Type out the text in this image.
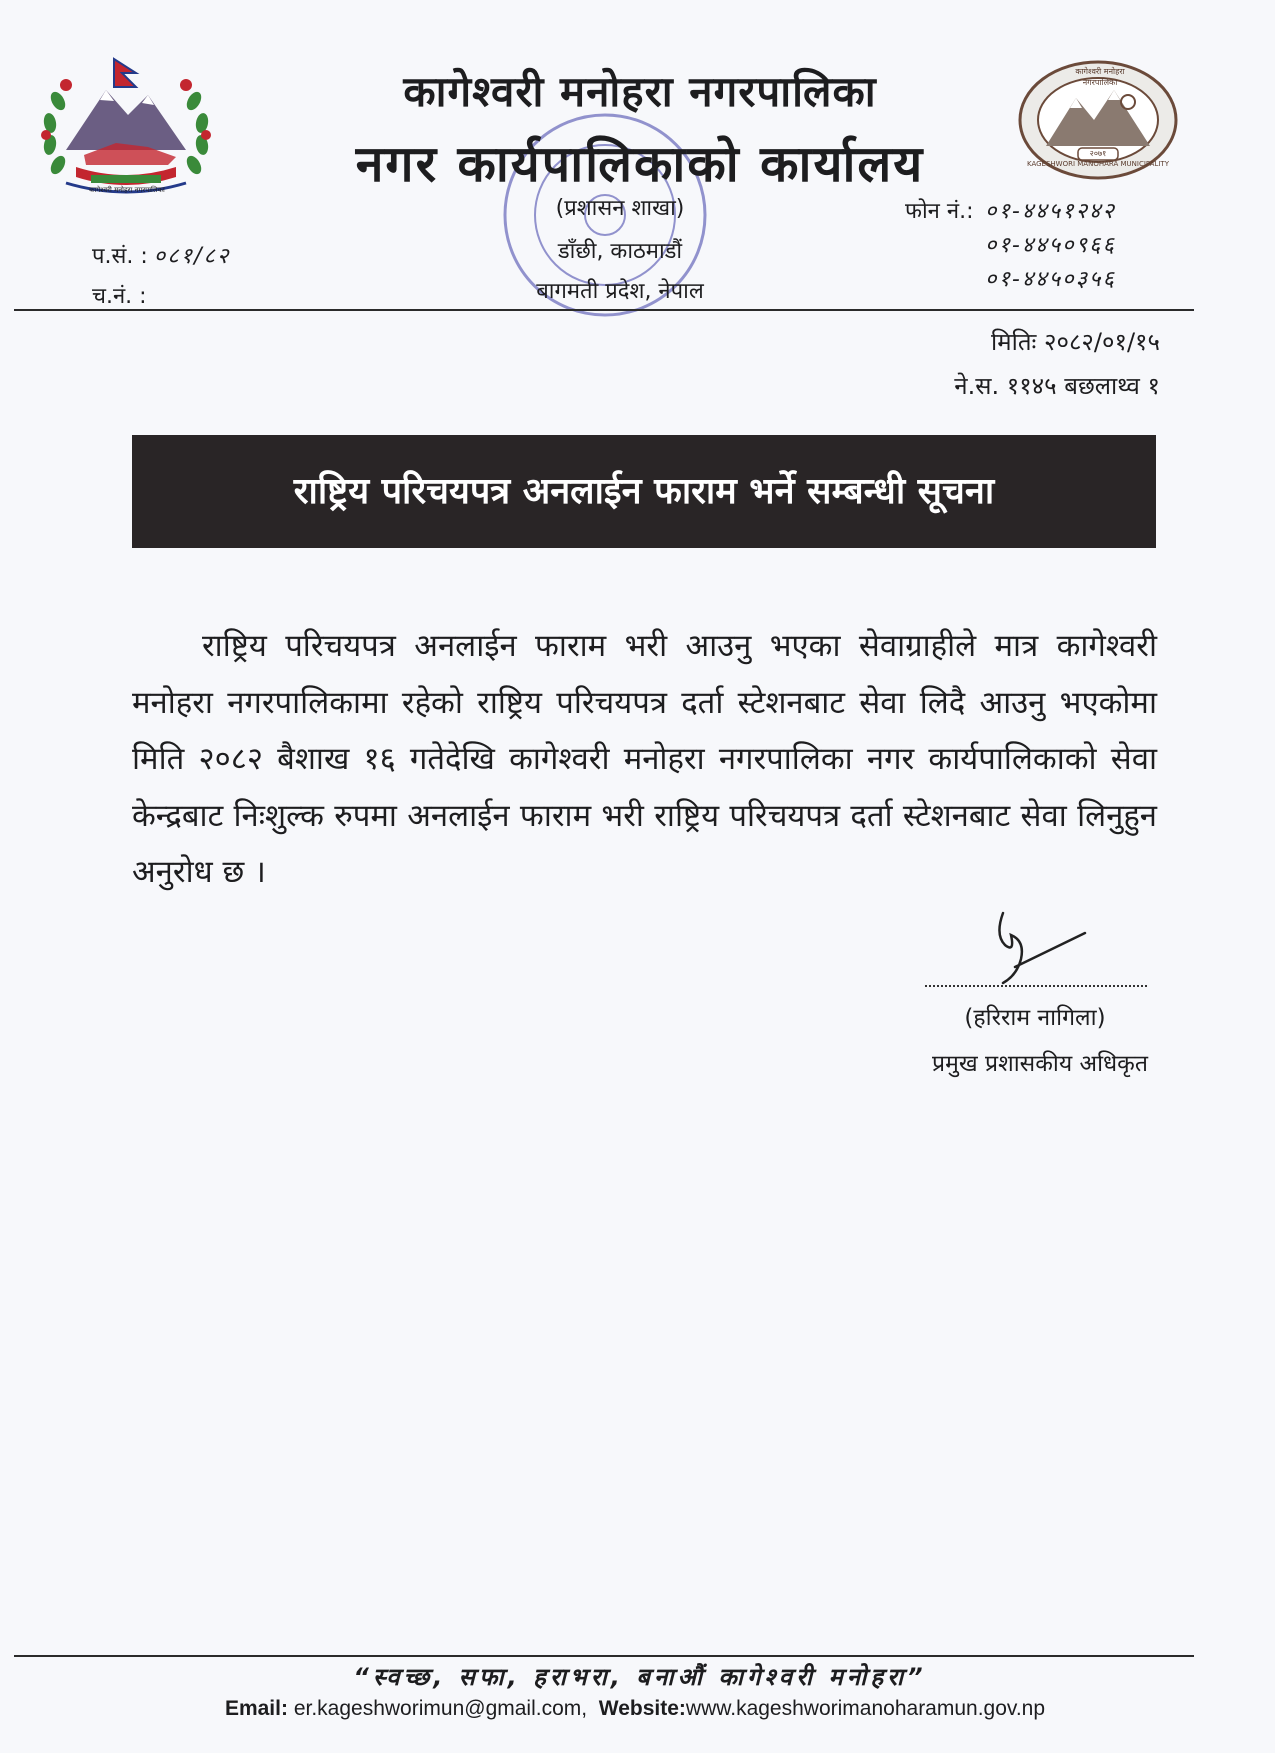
कागेश्वरी मनोहरा नगरपालिका
कागेश्वरी मनोहरा नगरपालिका
KAGESHWORI MANOHARA MUNICIPALITY
२०७१
कागेश्वरी मनोहरा नगरपालिका
नगर कार्यपालिकाको कार्यालय
(प्रशासन शाखा)
डाँछी, काठमाडौं
बागमती प्रदेश, नेपाल
फोन नं.: ०१-४४५१२४२
०१-४४५०९६६
०१-४४५०३५६
प.सं. : ०८१/८२
च.नं. :
मितिः २०८२/०१/१५
ने.स. ११४५ बछलाथ्व १
राष्ट्रिय परिचयपत्र अनलाईन फाराम भर्ने सम्बन्धी सूचना
राष्ट्रिय परिचयपत्र अनलाईन फाराम भरी आउनु भएका सेवाग्राहीले मात्र कागेश्वरी मनोहरा नगरपालिकामा रहेको राष्ट्रिय परिचयपत्र दर्ता स्टेशनबाट सेवा लिदै आउनु भएकोमा मिति २०८२ बैशाख १६ गतेदेखि कागेश्वरी मनोहरा नगरपालिका नगर कार्यपालिकाको सेवा केन्द्रबाट निःशुल्क रुपमा अनलाईन फाराम भरी राष्ट्रिय परिचयपत्र दर्ता स्टेशनबाट सेवा लिनुहुन अनुरोध छ ।
(हरिराम नागिला)
प्रमुख प्रशासकीय अधिकृत
“स्वच्छ, सफा, हराभरा, बनाऔं कागेश्वरी मनोहरा”
Email: er.kageshworimun@gmail.com, Website:www.kageshworimanoharamun.gov.np
